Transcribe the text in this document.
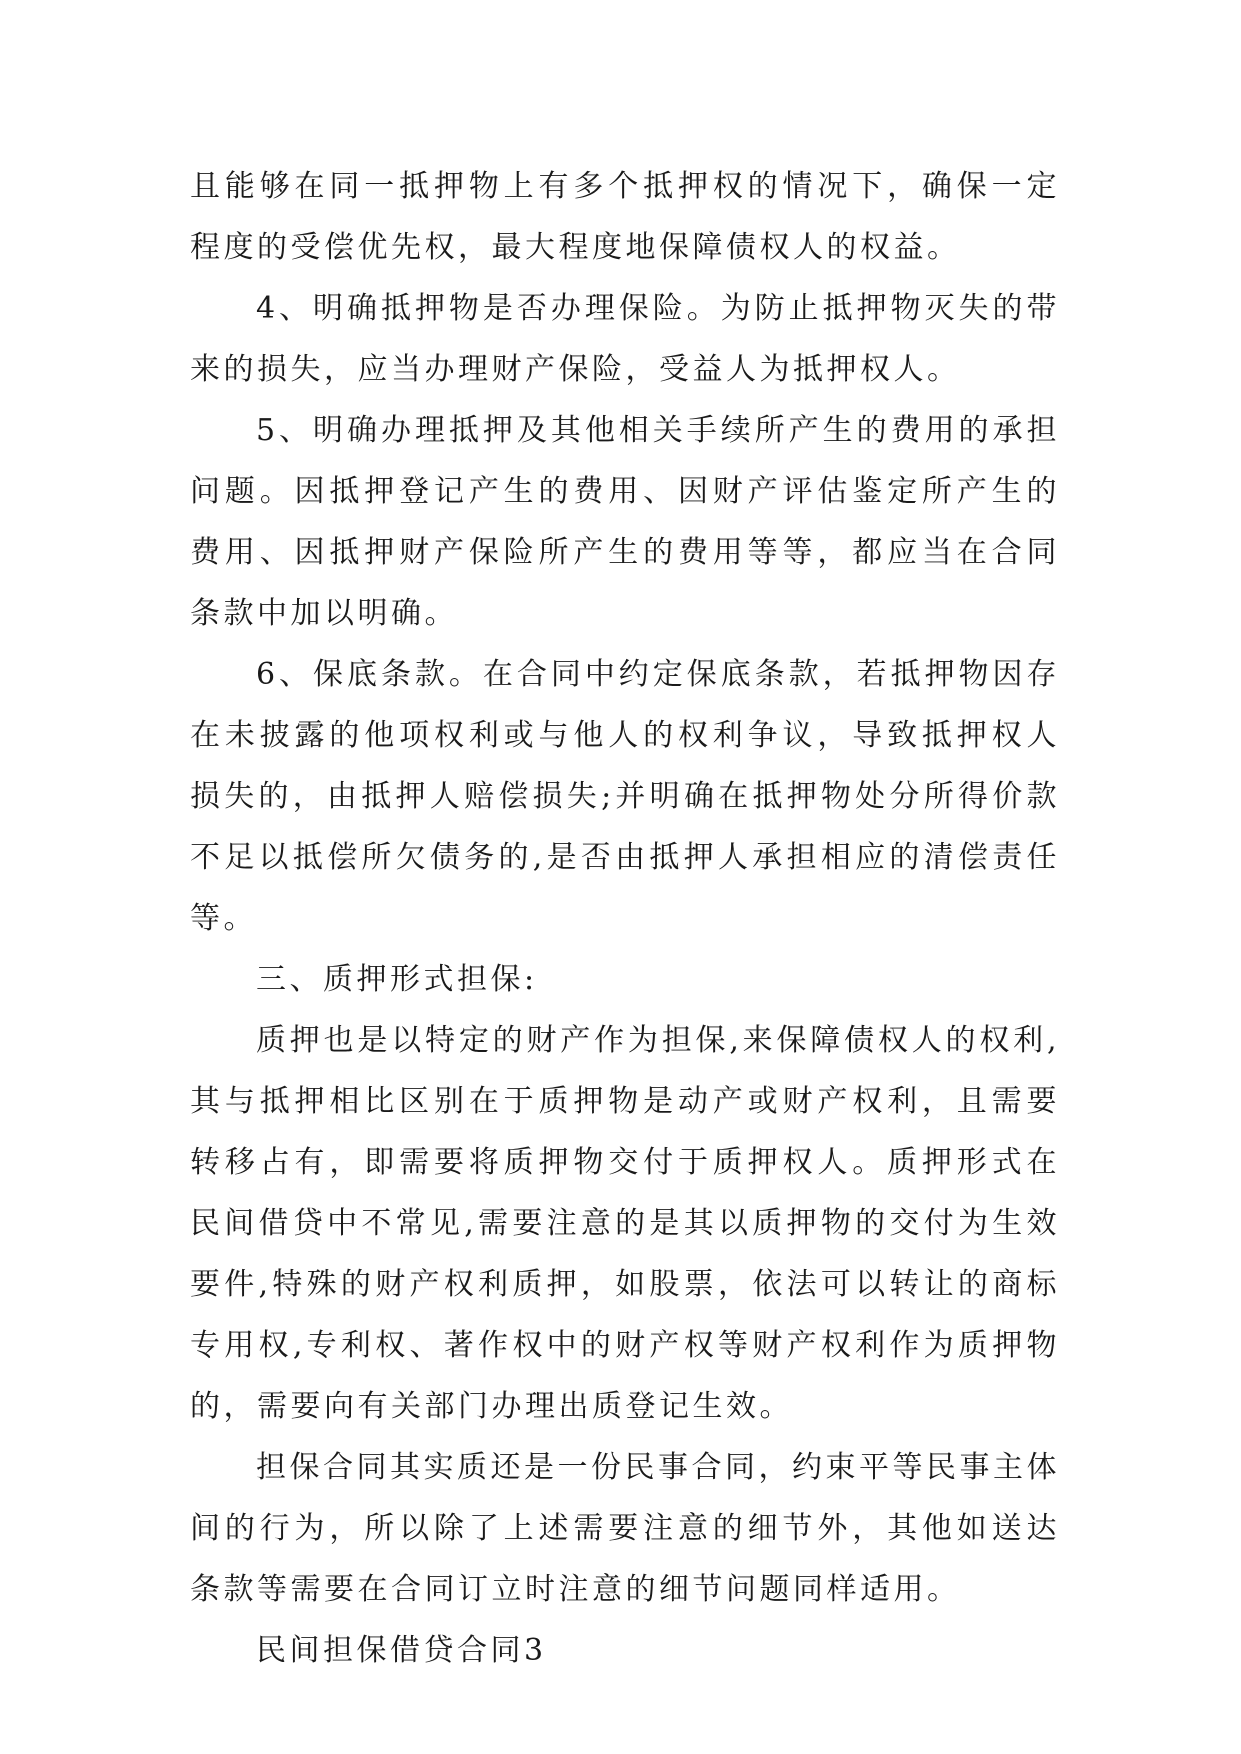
且能够在同一抵押物上有多个抵押权的情况下，确保一定程度的受偿优先权，最大程度地保障债权人的权益。

4、明确抵押物是否办理保险。为防止抵押物灭失的带来的损失，应当办理财产保险，受益人为抵押权人。

5、明确办理抵押及其他相关手续所产生的费用的承担问题。因抵押登记产生的费用、因财产评估鉴定所产生的费用、因抵押财产保险所产生的费用等等，都应当在合同条款中加以明确。

6、保底条款。在合同中约定保底条款，若抵押物因存在未披露的他项权利或与他人的权利争议，导致抵押权人损失的，由抵押人赔偿损失;并明确在抵押物处分所得价款不足以抵偿所欠债务的,是否由抵押人承担相应的清偿责任等。

三、质押形式担保:

质押也是以特定的财产作为担保,来保障债权人的权利,其与抵押相比区别在于质押物是动产或财产权利，且需要转移占有，即需要将质押物交付于质押权人。质押形式在民间借贷中不常见,需要注意的是其以质押物的交付为生效要件,特殊的财产权利质押，如股票，依法可以转让的商标专用权,专利权、著作权中的财产权等财产权利作为质押物的，需要向有关部门办理出质登记生效。

担保合同其实质还是一份民事合同，约束平等民事主体间的行为，所以除了上述需要注意的细节外，其他如送达条款等需要在合同订立时注意的细节问题同样适用。

民间担保借贷合同3
